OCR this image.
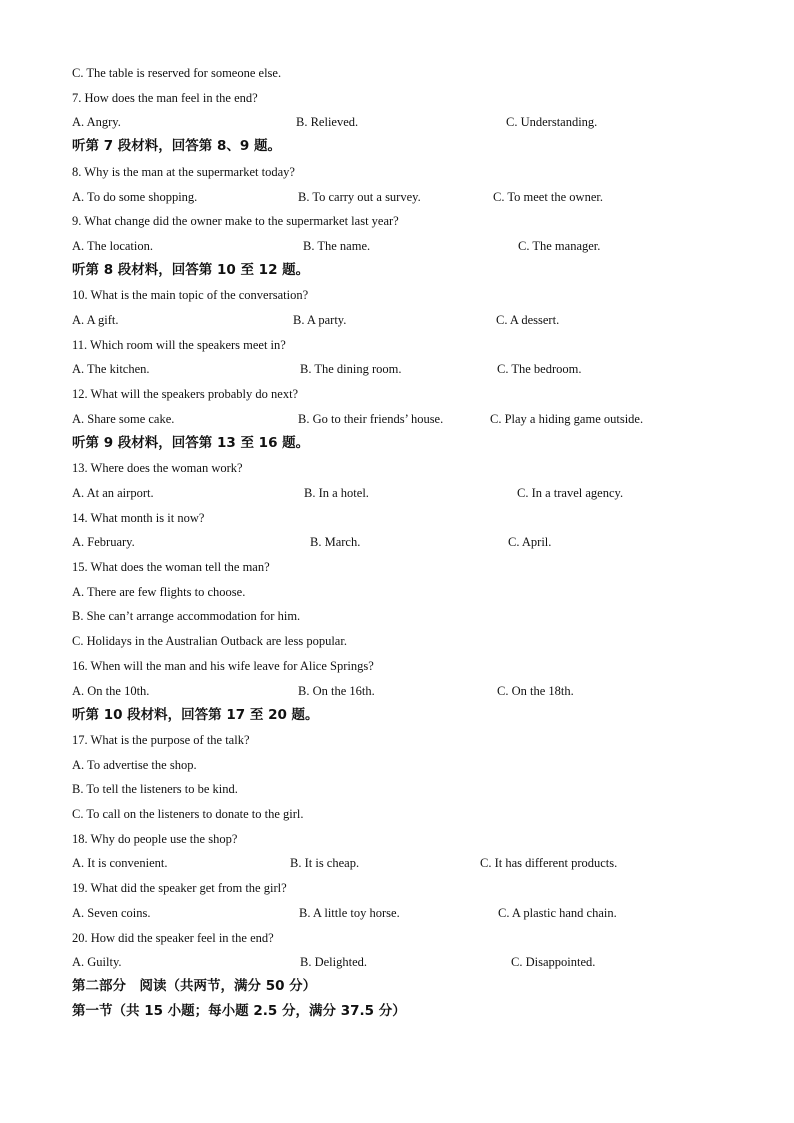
C. The table is reserved for someone else.
7. How does the man feel in the end?
A. Angry.	B. Relieved.	C. Understanding.
听第 7 段材料，回答第 8、9 题。
8. Why is the man at the supermarket today?
A. To do some shopping.	B. To carry out a survey.	C. To meet the owner.
9. What change did the owner make to the supermarket last year?
A. The location.	B. The name.	C. The manager.
听第 8 段材料，回答第 10 至 12 题。
10. What is the main topic of the conversation?
A. A gift.	B. A party.	C. A dessert.
11. Which room will the speakers meet in?
A. The kitchen.	B. The dining room.	C. The bedroom.
12. What will the speakers probably do next?
A. Share some cake.	B. Go to their friends’ house.	C. Play a hiding game outside.
听第 9 段材料，回答第 13 至 16 题。
13. Where does the woman work?
A. At an airport.	B. In a hotel.	C. In a travel agency.
14. What month is it now?
A. February.	B. March.	C. April.
15. What does the woman tell the man?
A. There are few flights to choose.
B. She can’t arrange accommodation for him.
C. Holidays in the Australian Outback are less popular.
16. When will the man and his wife leave for Alice Springs?
A. On the 10th.	B. On the 16th.	C. On the 18th.
听第 10 段材料，回答第 17 至 20 题。
17. What is the purpose of the talk?
A. To advertise the shop.
B. To tell the listeners to be kind.
C. To call on the listeners to donate to the girl.
18. Why do people use the shop?
A. It is convenient.	B. It is cheap.	C. It has different products.
19. What did the speaker get from the girl?
A. Seven coins.	B. A little toy horse.	C. A plastic hand chain.
20. How did the speaker feel in the end?
A. Guilty.	B. Delighted.	C. Disappointed.
第二部分　阅读（共两节，满分 50 分）
第一节（共 15 小题；每小题 2.5 分，满分 37.5 分）
